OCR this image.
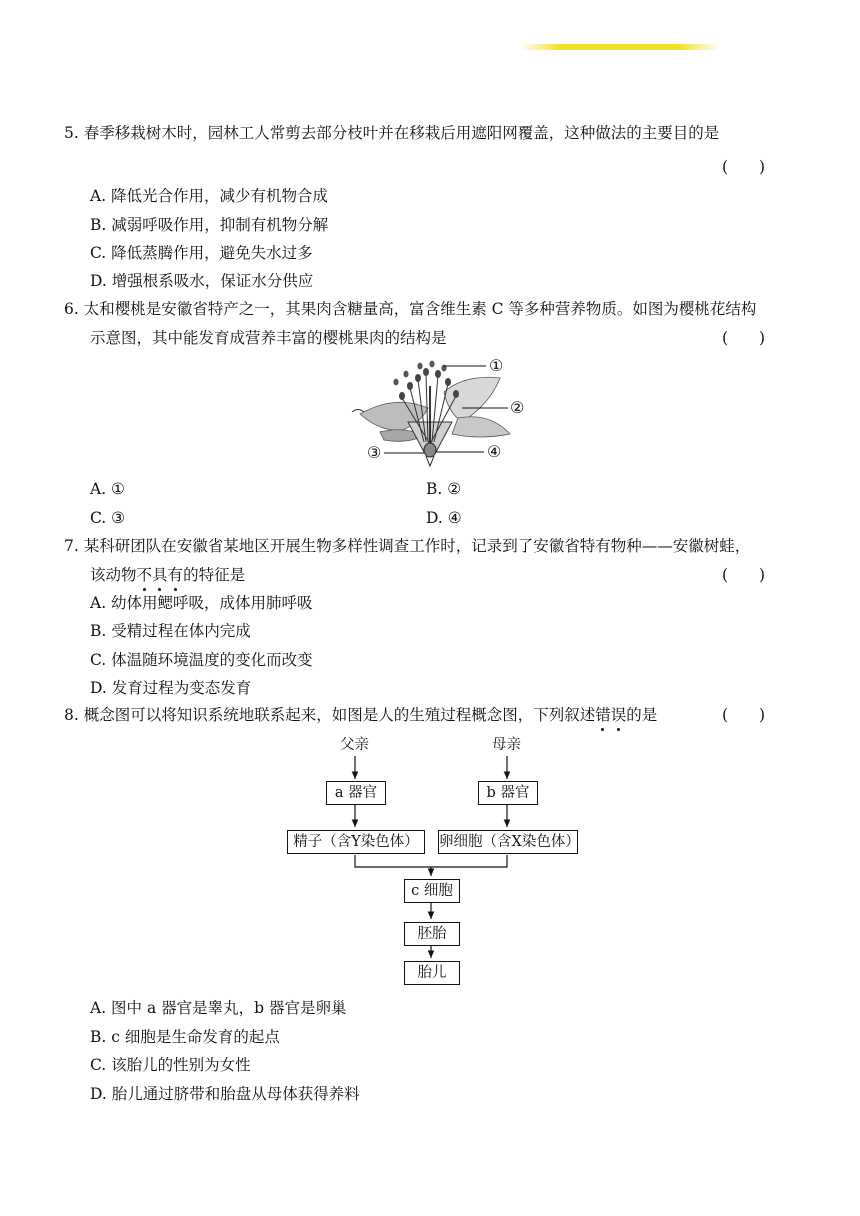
5. 春季移栽树木时，园林工人常剪去部分枝叶并在移栽后用遮阳网覆盖，这种做法的主要目的是
(　　)
A. 降低光合作用，减少有机物合成
B. 减弱呼吸作用，抑制有机物分解
C. 降低蒸腾作用，避免失水过多
D. 增强根系吸水，保证水分供应
6. 太和樱桃是安徽省特产之一，其果肉含糖量高，富含维生素 C 等多种营养物质。如图为樱桃花结构
示意图，其中能发育成营养丰富的樱桃果肉的结构是	(　　)
①
②
③	④
A. ①	B. ②
C. ③	D. ④
7. 某科研团队在安徽省某地区开展生物多样性调查工作时，记录到了安徽省特有物种——安徽树蛙，
该动物不具有的特征是	(　　)
A. 幼体用鳃呼吸，成体用肺呼吸
B. 受精过程在体内完成
C. 体温随环境温度的变化而改变
D. 发育过程为变态发育
8. 概念图可以将知识系统地联系起来，如图是人的生殖过程概念图，下列叙述错误的是	(　　)
父亲	母亲
a 器官	b 器官
精子（含Y染色体）	卵细胞（含X染色体）
c 细胞
胚胎
胎儿
A. 图中 a 器官是睾丸，b 器官是卵巢
B. c 细胞是生命发育的起点
C. 该胎儿的性别为女性
D. 胎儿通过脐带和胎盘从母体获得养料
